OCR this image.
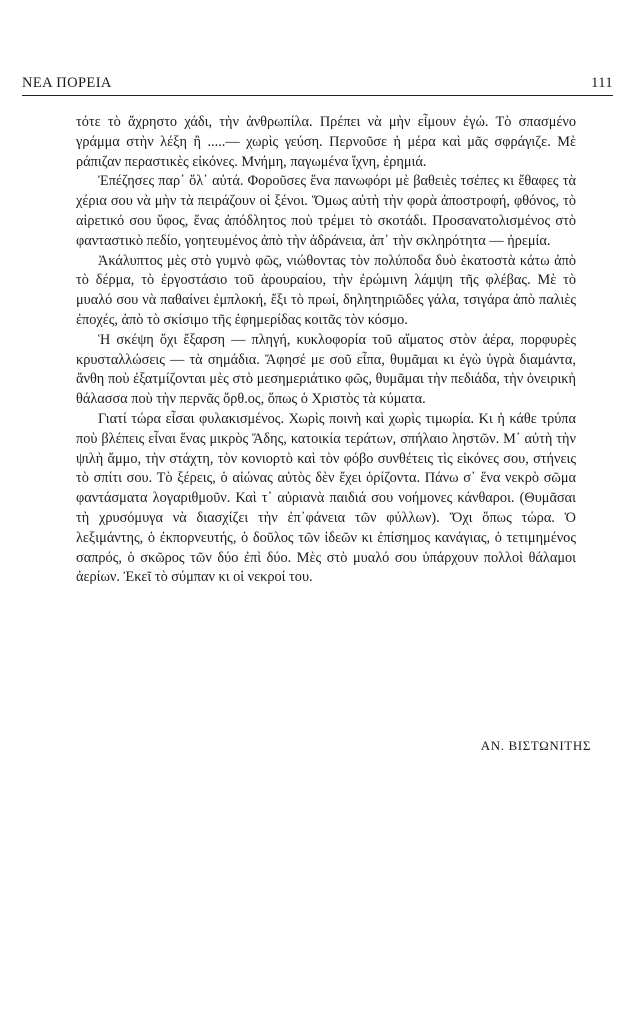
ΝΕΑ ΠΟΡΕΙΑ	111

τότε τὸ ἄχρηστο χάδι, τὴν ἀνθρωπίλα. Πρέπει νὰ μὴν εἶμουν ἐγώ. Τὸ σπασμένο γράμμα στὴν λέξη ἢ .....— χωρὶς γεύση. Περνοῦσε ἡ μέρα καὶ μᾶς σφράγιζε. Μὲ ράπιζαν περαστικὲς εἰκόνες. Μνήμη, παγωμένα ἴχνη, ἐρημιά.

Ἐπέζησες παρ᾽ ὅλ᾽ αὐτά. Φοροῦσες ἕνα πανωφόρι μὲ βαθειὲς τσέπες κι ἔθαφες τὰ χέρια σου νὰ μὴν τὰ πειράζουν οἱ ξένοι. Ὅμως αὐτὴ τὴν φορὰ ἀποστροφή, φθόνος, τὸ αἱρετικό σου ὕφος, ἕνας ἀπόδλητος ποὺ τρέμει τὸ σκοτάδι. Προσανατολισμένος στὸ φανταστικὸ πεδίο, γοητευμένος ἀπὸ τὴν ἀδράνεια, ἀπ᾽ τὴν σκληρότητα — ἠρεμία.

Ἀκάλυπτος μὲς στὸ γυμνὸ φῶς, νιώθοντας τὸν πολύποδα δυὸ ἑκατοστὰ κάτω ἀπὸ τὸ δέρμα, τὸ ἐργοστάσιο τοῦ ἀρουραίου, τὴν ἐρώμινη λάμψη τῆς φλέβας. Μὲ τὸ μυαλό σου νὰ παθαίνει ἐμπλοκή, ἔξι τὸ πρωί, δηλητηριῶδες γάλα, τσιγάρα ἀπὸ παλιὲς ἐποχές, ἀπὸ τὸ σκίσιμο τῆς ἐφημερίδας κοιτᾶς τὸν κόσμο.

Ἡ σκέψη ὄχι ἔξαρση — πληγή, κυκλοφορία τοῦ αἵματος στὸν ἀέρα, πορφυρὲς κρυσταλλώσεις — τὰ σημάδια. Ἄφησέ με σοῦ εἶπα, θυμᾶμαι κι ἐγὼ ὑγρὰ διαμάντα, ἄνθη ποὺ ἐξατμίζονται μὲς στὸ μεσημεριάτικο φῶς, θυμᾶμαι τὴν πεδιάδα, τὴν ὀνειρικὴ θάλασσα ποὺ τὴν περνᾶς ὄρθ.ος, ὅπως ὁ Χριστὸς τὰ κύματα.

Γιατί τώρα εἶσαι φυλακισμένος. Χωρὶς ποινὴ καὶ χωρὶς τιμωρία. Κι ἡ κάθε τρύπα ποὺ βλέπεις εἶναι ἕνας μικρὸς Ἅδης, κατοικία τεράτων, σπήλαιο ληστῶν. Μ᾽ αὐτὴ τὴν ψιλὴ ἄμμο, τὴν στάχτη, τὸν κονιορτὸ καὶ τὸν φόβο συνθέτεις τὶς εἰκόνες σου, στήνεις τὸ σπίτι σου. Τὸ ξέρεις, ὁ αἰώνας αὐτὸς δὲν ἔχει ὁρίζοντα. Πάνω σ᾽ ἕνα νεκρὸ σῶμα φαντάσματα λογαριθμοῦν. Καὶ τ᾽ αὐριανὰ παιδιά σου νοήμονες κάνθαροι. (Θυμᾶσαι τὴ χρυσόμυγα νὰ διασχίζει τὴν ἐπ᾽φάνεια τῶν φύλλων). Ὄχι ὅπως τώρα. Ὁ λεξιμάντης, ὁ ἐκπορνευτής, ὁ δοῦλος τῶν ἰδεῶν κι ἐπίσημος κανάγιας, ὁ τετιμημένος σαπρός, ὁ σκῶρος τῶν δύο ἐπὶ δύο. Μὲς στὸ μυαλό σου ὑπάρχουν πολλοὶ θάλαμοι ἀερίων. Ἐκεῖ τὸ σύμπαν κι οἱ νεκροί του.

ΑΝ. ΒΙΣΤΩΝΙΤΗΣ
